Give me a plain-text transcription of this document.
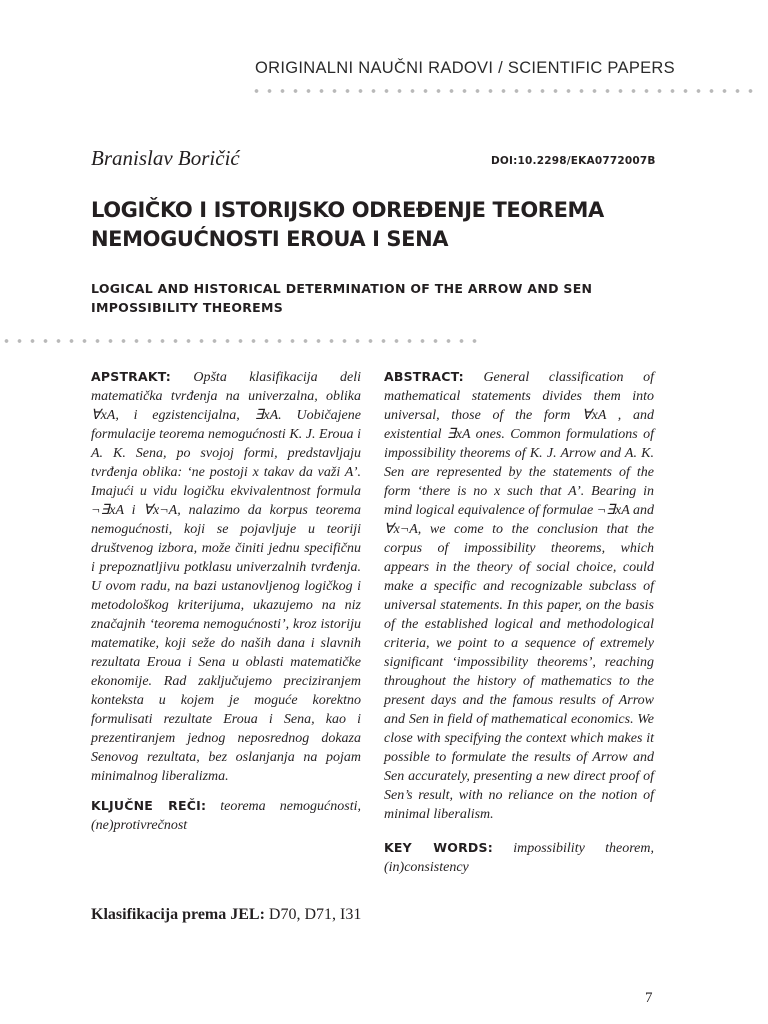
ORIGINALNI NAUČNI RADOVI / SCIENTIFIC PAPERS
Branislav Boričić	DOI:10.2298/EKA0772007B
LOGIČKO I ISTORIJSKO ODREĐENJE TEOREMA NEMOGUĆNOSTI EROUA I SENA
LOGICAL AND HISTORICAL DETERMINATION OF THE ARROW AND SEN IMPOSSIBILITY THEOREMS

APSTRAKT: Opšta klasifikacija deli matematička tvrđenja na univerzalna, oblika ∀xA, i egzistencijalna, ∃xA. Uobičajene formulacije teorema nemogućnosti K. J. Eroua i A. K. Sena, po svojoj formi, predstavljaju tvrđenja oblika: ‘ne postoji x takav da važi A’. Imajući u vidu logičku ekvivalentnost formula ¬∃xA i ∀x¬A, nalazimo da korpus teorema nemogućnosti, koji se pojavljuje u teoriji društvenog izbora, može činiti jednu specifičnu i prepoznatljivu potklasu univerzalnih tvrđenja. U ovom radu, na bazi ustanovljenog logičkog i metodološkog kriterijuma, ukazujemo na niz značajnih ‘teorema nemogućnosti’, kroz istoriju matematike, koji seže do naših dana i slavnih rezultata Eroua i Sena u oblasti matematičke ekonomije. Rad zaključujemo preciziranjem konteksta u kojem je moguće korektno formulisati rezultate Eroua i Sena, kao i prezentiranjem jednog neposrednog dokaza Senovog rezultata, bez oslanjanja na pojam minimalnog liberalizma.

KLJUČNE REČI: teorema nemogućnosti, (ne)protivrečnost

ABSTRACT: General classification of mathematical statements divides them into universal, those of the form ∀xA , and existential ∃xA ones. Common formulations of impossibility theorems of K. J. Arrow and A. K. Sen are represented by the statements of the form ‘there is no x such that A’. Bearing in mind logical equivalence of formulae ¬∃xA and ∀x¬A, we come to the conclusion that the corpus of impossibility theorems, which appears in the theory of social choice, could make a specific and recognizable subclass of universal statements. In this paper, on the basis of the established logical and methodological criteria, we point to a sequence of extremely significant ‘impossibility theorems’, reaching throughout the history of mathematics to the present days and the famous results of Arrow and Sen in field of mathematical economics. We close with specifying the context which makes it possible to formulate the results of Arrow and Sen accurately, presenting a new direct proof of Sen’s result, with no reliance on the notion of minimal liberalism.

KEY WORDS: impossibility theorem, (in)consistency

Klasifikacija prema JEL: D70, D71, I31
7
